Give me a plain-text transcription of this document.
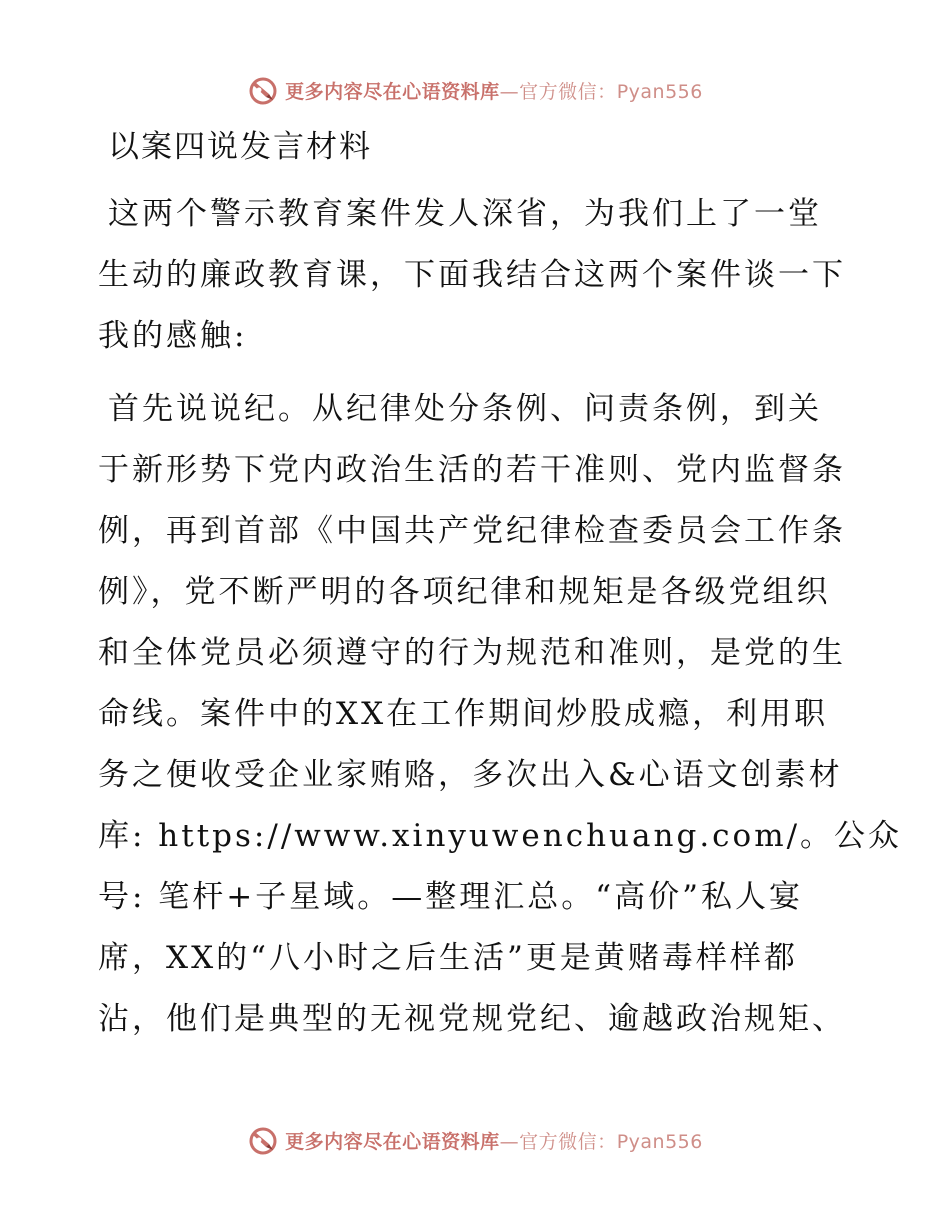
更多内容尽在心语资料库—官方微信：Pyan556
以案四说发言材料
这两个警示教育案件发人深省，为我们上了一堂
生动的廉政教育课，下面我结合这两个案件谈一下
我的感触:
首先说说纪。从纪律处分条例、问责条例，到关
于新形势下党内政治生活的若干准则、党内监督条
例，再到首部《中国共产党纪律检查委员会工作条
例》，党不断严明的各项纪律和规矩是各级党组织
和全体党员必须遵守的行为规范和准则，是党的生
命线。案件中的XX在工作期间炒股成瘾，利用职
务之便收受企业家贿赂，多次出入&心语文创素材
库: https://www.xinyuwenchuang.com/。公众
号: 笔杆+子星域。—整理汇总。“高价”私人宴
席，XX的“八小时之后生活”更是黄赌毒样样都
沾，他们是典型的无视党规党纪、逾越政治规矩、
更多内容尽在心语资料库—官方微信：Pyan556
